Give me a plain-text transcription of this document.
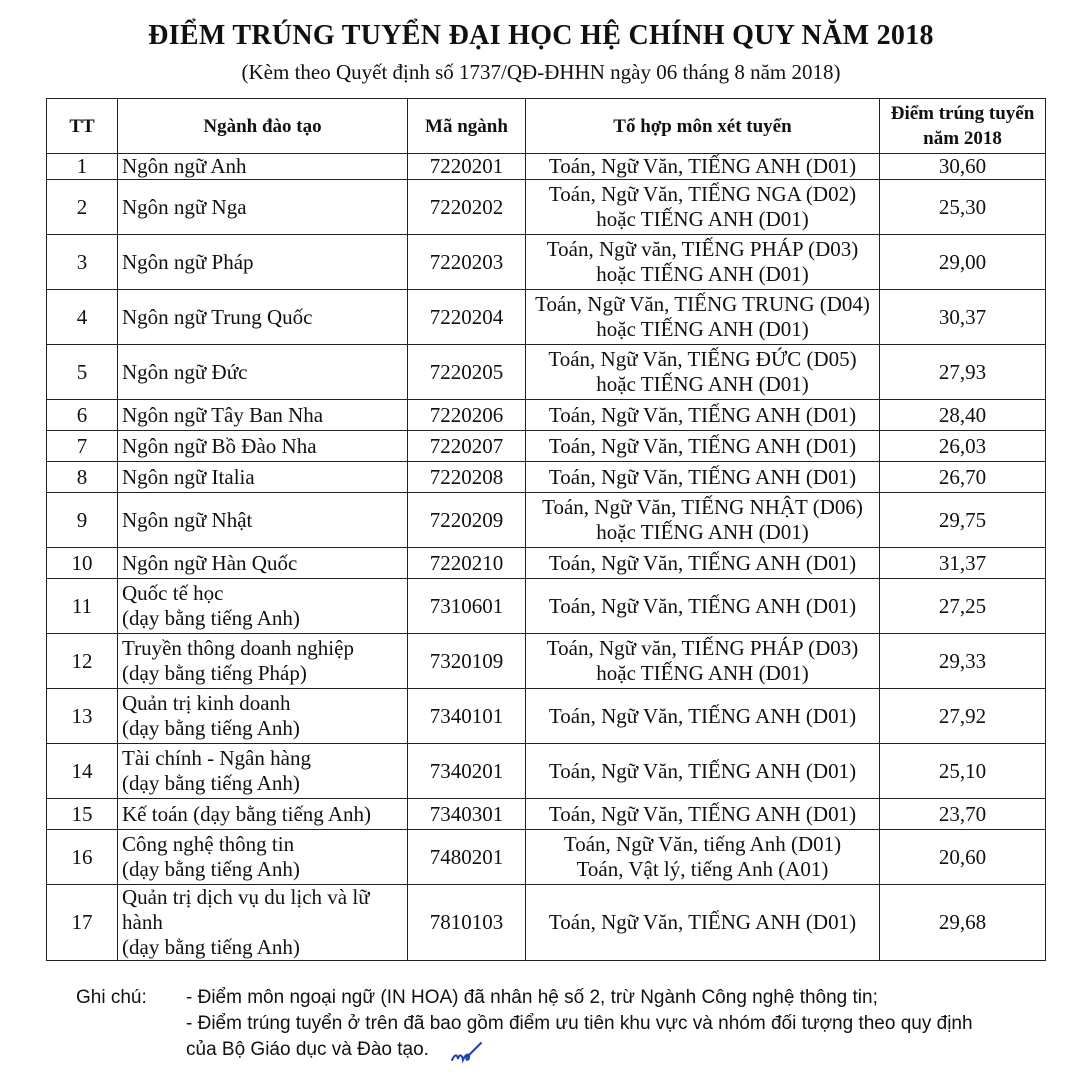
ĐIỂM TRÚNG TUYỂN ĐẠI HỌC HỆ CHÍNH QUY NĂM 2018
(Kèm theo Quyết định số 1737/QĐ-ĐHHN ngày 06 tháng 8 năm 2018)
TT	Ngành đào tạo	Mã ngành	Tổ hợp môn xét tuyển	Điểm trúng tuyển
năm 2018

1	Ngôn ngữ Anh	7220201	Toán, Ngữ Văn, TIẾNG ANH (D01)	30,60
2	Ngôn ngữ Nga	7220202	Toán, Ngữ Văn, TIẾNG NGA (D02)
hoặc TIẾNG ANH (D01)	25,30
3	Ngôn ngữ Pháp	7220203	Toán, Ngữ văn, TIẾNG PHÁP (D03)
hoặc TIẾNG ANH (D01)	29,00
4	Ngôn ngữ Trung Quốc	7220204	Toán, Ngữ Văn, TIẾNG TRUNG (D04)
hoặc TIẾNG ANH (D01)	30,37
5	Ngôn ngữ Đức	7220205	Toán, Ngữ Văn, TIẾNG ĐỨC (D05)
hoặc TIẾNG ANH (D01)	27,93
6	Ngôn ngữ Tây Ban Nha	7220206	Toán, Ngữ Văn, TIẾNG ANH (D01)	28,40
7	Ngôn ngữ Bồ Đào Nha	7220207	Toán, Ngữ Văn, TIẾNG ANH (D01)	26,03
8	Ngôn ngữ Italia	7220208	Toán, Ngữ Văn, TIẾNG ANH (D01)	26,70
9	Ngôn ngữ Nhật	7220209	Toán, Ngữ Văn, TIẾNG NHẬT (D06)
hoặc TIẾNG ANH (D01)	29,75
10	Ngôn ngữ Hàn Quốc	7220210	Toán, Ngữ Văn, TIẾNG ANH (D01)	31,37
11	Quốc tế học
(dạy bằng tiếng Anh)	7310601	Toán, Ngữ Văn, TIẾNG ANH (D01)	27,25
12	Truyền thông doanh nghiệp
(dạy bằng tiếng Pháp)	7320109	Toán, Ngữ văn, TIẾNG PHÁP (D03)
hoặc TIẾNG ANH (D01)	29,33
13	Quản trị kinh doanh
(dạy bằng tiếng Anh)	7340101	Toán, Ngữ Văn, TIẾNG ANH (D01)	27,92
14	Tài chính - Ngân hàng
(dạy bằng tiếng Anh)	7340201	Toán, Ngữ Văn, TIẾNG ANH (D01)	25,10
15	Kế toán (dạy bằng tiếng Anh)	7340301	Toán, Ngữ Văn, TIẾNG ANH (D01)	23,70
16	Công nghệ thông tin
(dạy bằng tiếng Anh)	7480201	Toán, Ngữ Văn, tiếng Anh (D01)
Toán, Vật lý, tiếng Anh (A01)	20,60
17	Quản trị dịch vụ du lịch và lữ hành
(dạy bằng tiếng Anh)	7810103	Toán, Ngữ Văn, TIẾNG ANH (D01)	29,68
Ghi chú: - Điểm môn ngoại ngữ (IN HOA) đã nhân hệ số 2, trừ Ngành Công nghệ thông tin;
- Điểm trúng tuyển ở trên đã bao gồm điểm ưu tiên khu vực và nhóm đối tượng theo quy định
của Bộ Giáo dục và Đào tạo.
